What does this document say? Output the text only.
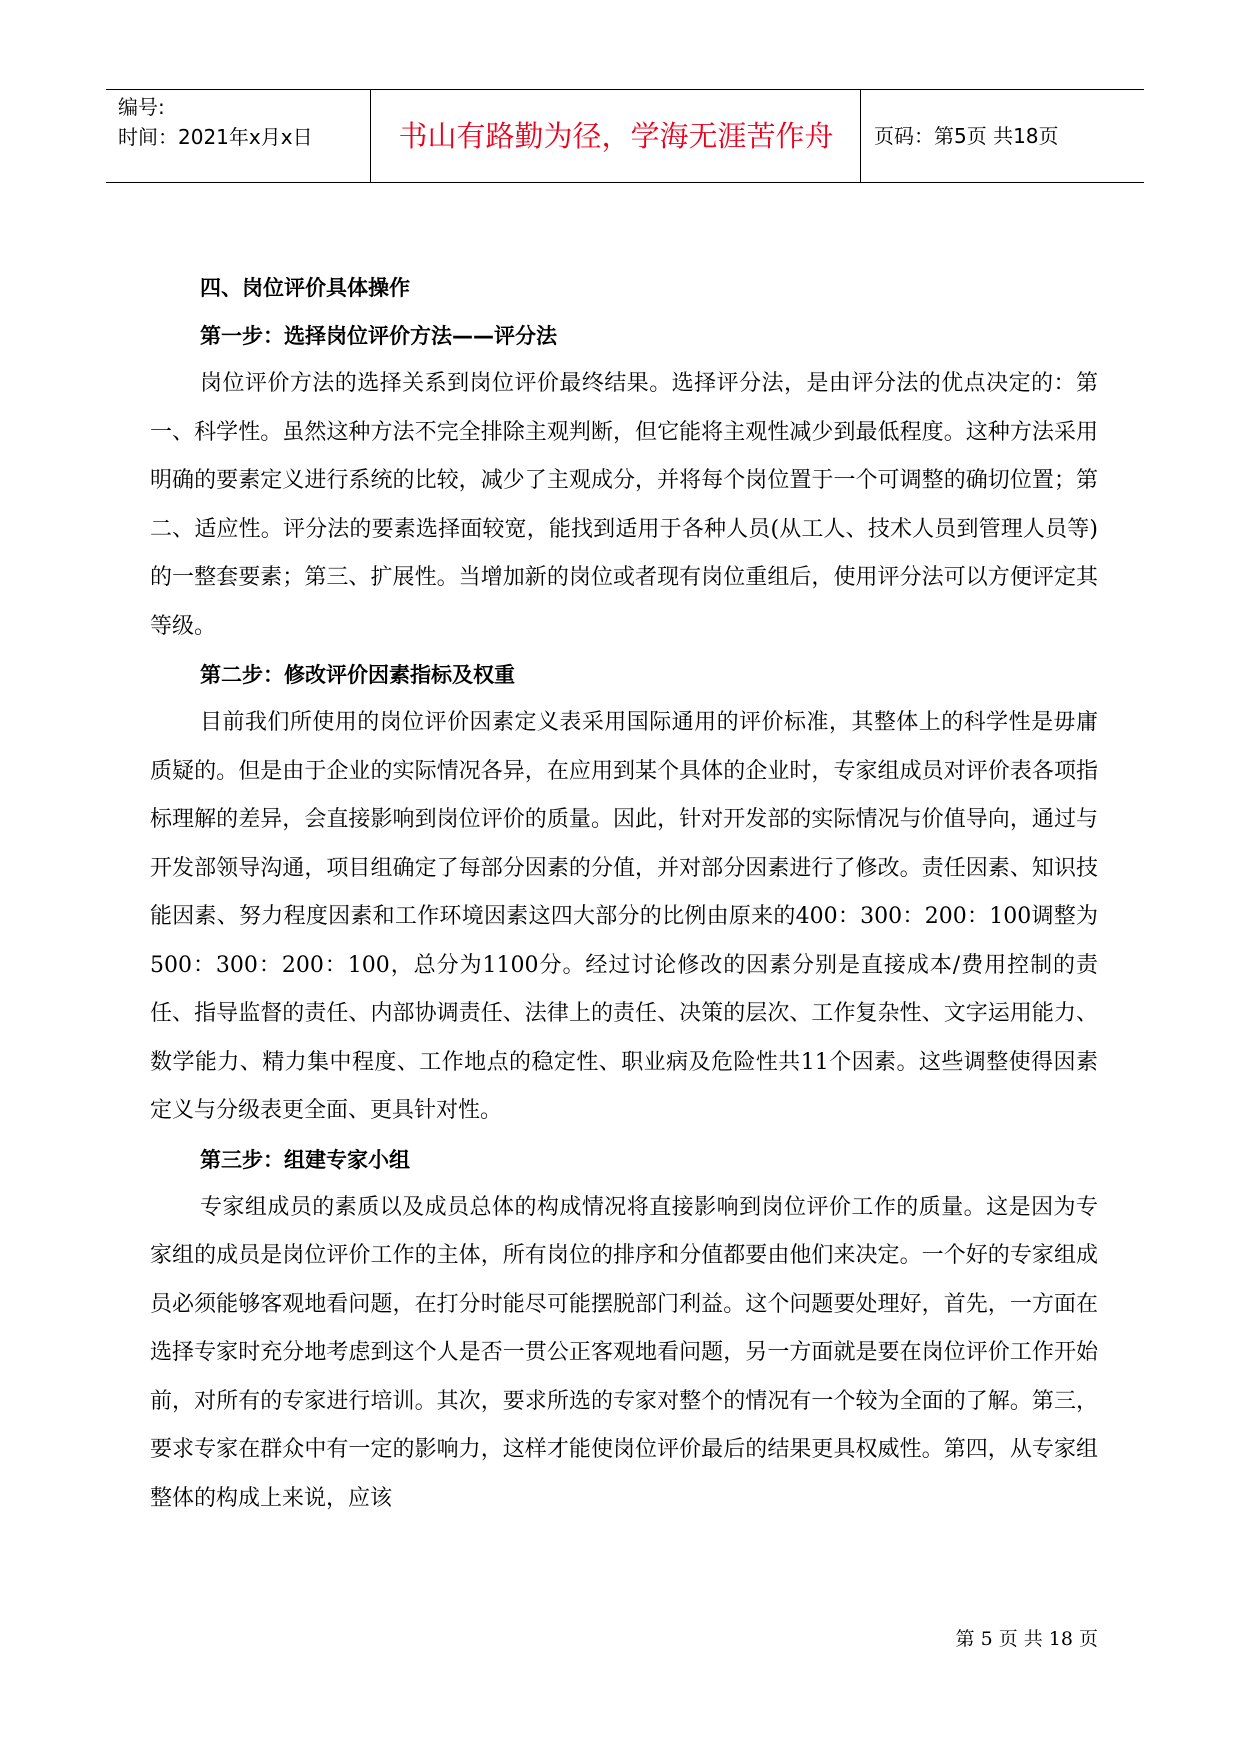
编号:
时间：2021年x月x日	书山有路勤为径，学海无涯苦作舟	页码：第5页 共18页
四、岗位评价具体操作
第一步：选择岗位评价方法——评分法

岗位评价方法的选择关系到岗位评价最终结果。选择评分法，是由评分法的优点决定的：第一、科学性。虽然这种方法不完全排除主观判断，但它能将主观性减少到最低程度。这种方法采用明确的要素定义进行系统的比较，减少了主观成分，并将每个岗位置于一个可调整的确切位置；第二、适应性。评分法的要素选择面较宽，能找到适用于各种人员(从工人、技术人员到管理人员等)的一整套要素；第三、扩展性。当增加新的岗位或者现有岗位重组后，使用评分法可以方便评定其等级。

第二步：修改评价因素指标及权重

目前我们所使用的岗位评价因素定义表采用国际通用的评价标准，其整体上的科学性是毋庸质疑的。但是由于企业的实际情况各异，在应用到某个具体的企业时，专家组成员对评价表各项指标理解的差异，会直接影响到岗位评价的质量。因此，针对开发部的实际情况与价值导向，通过与开发部领导沟通，项目组确定了每部分因素的分值，并对部分因素进行了修改。责任因素、知识技能因素、努力程度因素和工作环境因素这四大部分的比例由原来的400：300：200：100调整为500：300：200：100，总分为1100分。经过讨论修改的因素分别是直接成本/费用控制的责任、指导监督的责任、内部协调责任、法律上的责任、决策的层次、工作复杂性、文字运用能力、数学能力、精力集中程度、工作地点的稳定性、职业病及危险性共11个因素。这些调整使得因素定义与分级表更全面、更具针对性。

第三步：组建专家小组

专家组成员的素质以及成员总体的构成情况将直接影响到岗位评价工作的质量。这是因为专家组的成员是岗位评价工作的主体，所有岗位的排序和分值都要由他们来决定。一个好的专家组成员必须能够客观地看问题，在打分时能尽可能摆脱部门利益。这个问题要处理好，首先，一方面在选择专家时充分地考虑到这个人是否一贯公正客观地看问题，另一方面就是要在岗位评价工作开始前，对所有的专家进行培训。其次，要求所选的专家对整个的情况有一个较为全面的了解。第三，要求专家在群众中有一定的影响力，这样才能使岗位评价最后的结果更具权威性。第四，从专家组整体的构成上来说，应该

第 5 页 共 18 页
